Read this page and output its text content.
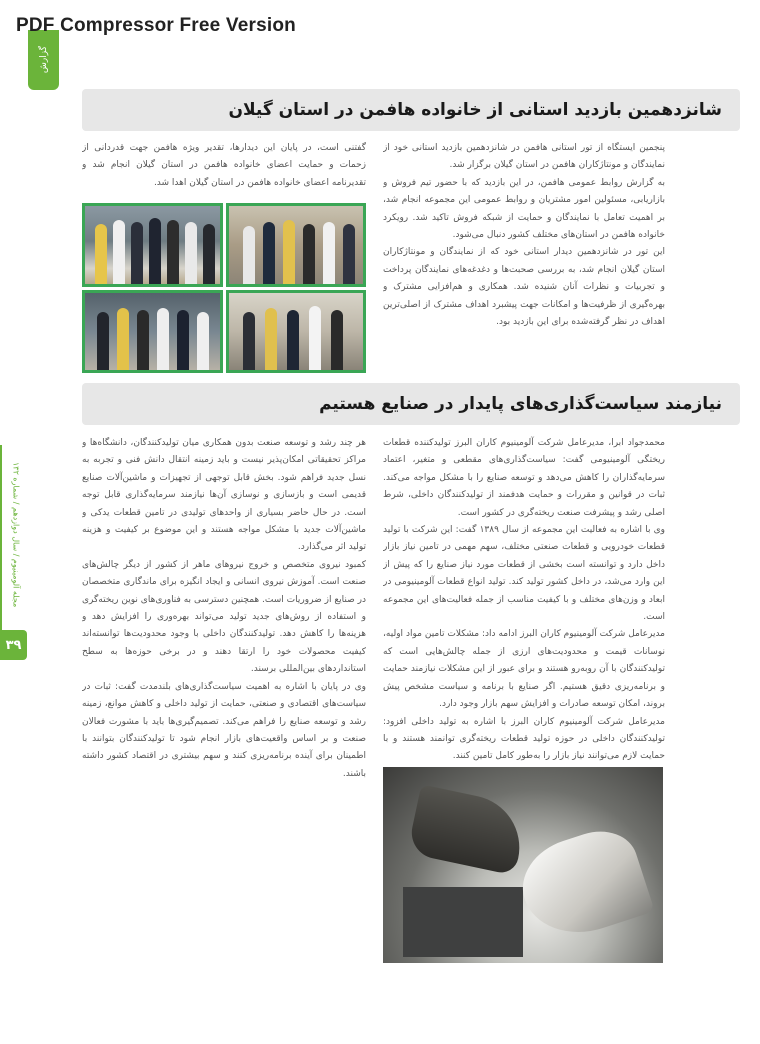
PDF Compressor Free Version
گزارش
مجله آلومینیوم / سال دوازدهم / شماره ۱۳۲
۳۹
شانزدهمین بازدید استانی از خانواده هافمن در استان گیلان

پنجمین ایستگاه از تور استانی هافمن در شانزدهمین بازدید استانی خود از نمایندگان و مونتاژکاران هافمن در استان گیلان برگزار شد.

به گزارش روابط عمومی هافمن، در این بازدید که با حضور تیم فروش و بازاریابی، مسئولین امور مشتریان و روابط عمومی این مجموعه انجام شد، بر اهمیت تعامل با نمایندگان و حمایت از شبکه فروش تاکید شد. رویکرد خانواده هافمن در استان‌های مختلف کشور دنبال می‌شود.

این تور در شانزدهمین دیدار استانی خود که از نمایندگان و مونتاژکاران استان گیلان انجام شد، به بررسی صحبت‌ها و دغدغه‌های نمایندگان پرداخت و تجربیات و نظرات آنان شنیده شد. همکاری و هم‌افزایی مشترک و بهره‌گیری از ظرفیت‌ها و امکانات جهت پیشبرد اهداف مشترک از اصلی‌ترین اهداف در نظر گرفته‌شده برای این بازدید بود.

گفتنی است، در پایان این دیدارها، تقدیر ویژه هافمن جهت قدردانی از زحمات و حمایت اعضای خانواده هافمن در استان گیلان انجام شد و تقدیرنامه اعضای خانواده هافمن در استان گیلان اهدا شد.

نیازمند سیاست‌گذاری‌های پایدار در صنایع هستیم

محمدجواد ابرا، مدیرعامل شرکت آلومینیوم کاران البرز تولیدکننده قطعات ریختگی آلومینیومی گفت: سیاست‌گذاری‌های مقطعی و متغیر، اعتماد سرمایه‌گذاران را کاهش می‌دهد و توسعه صنایع را با مشکل مواجه می‌کند. ثبات در قوانین و مقررات و حمایت هدفمند از تولیدکنندگان داخلی، شرط اصلی رشد و پیشرفت صنعت ریخته‌گری در کشور است.

وی با اشاره به فعالیت این مجموعه از سال ۱۳۸۹ گفت: این شرکت با تولید قطعات خودرویی و قطعات صنعتی مختلف، سهم مهمی در تامین نیاز بازار داخل دارد و توانسته است بخشی از قطعات مورد نیاز صنایع را که پیش از این وارد می‌شد، در داخل کشور تولید کند. تولید انواع قطعات آلومینیومی در ابعاد و وزن‌های مختلف و با کیفیت مناسب از جمله فعالیت‌های این مجموعه است.

مدیرعامل شرکت آلومینیوم کاران البرز ادامه داد: مشکلات تامین مواد اولیه، نوسانات قیمت و محدودیت‌های ارزی از جمله چالش‌هایی است که تولیدکنندگان با آن روبه‌رو هستند و برای عبور از این مشکلات نیازمند حمایت و برنامه‌ریزی دقیق هستیم. اگر صنایع با برنامه و سیاست مشخص پیش بروند، امکان توسعه صادرات و افزایش سهم بازار وجود دارد.

مدیرعامل شرکت آلومینیوم کاران البرز با اشاره به تولید داخلی افزود: تولیدکنندگان داخلی در حوزه تولید قطعات ریخته‌گری توانمند هستند و با حمایت لازم می‌توانند نیاز بازار را به‌طور کامل تامین کنند.

هر چند رشد و توسعه صنعت بدون همکاری میان تولیدکنندگان، دانشگاه‌ها و مراکز تحقیقاتی امکان‌پذیر نیست و باید زمینه انتقال دانش فنی و تجربه به نسل جدید فراهم شود. بخش قابل توجهی از تجهیزات و ماشین‌آلات صنایع قدیمی است و بازسازی و نوسازی آن‌ها نیازمند سرمایه‌گذاری قابل توجه است. در حال حاضر بسیاری از واحدهای تولیدی در تامین قطعات یدکی و ماشین‌آلات جدید با مشکل مواجه هستند و این موضوع بر کیفیت و هزینه تولید اثر می‌گذارد.

کمبود نیروی متخصص و خروج نیروهای ماهر از کشور از دیگر چالش‌های صنعت است. آموزش نیروی انسانی و ایجاد انگیزه برای ماندگاری متخصصان در صنایع از ضروریات است. همچنین دسترسی به فناوری‌های نوین ریخته‌گری و استفاده از روش‌های جدید تولید می‌تواند بهره‌وری را افزایش دهد و هزینه‌ها را کاهش دهد. تولیدکنندگان داخلی با وجود محدودیت‌ها توانسته‌اند کیفیت محصولات خود را ارتقا دهند و در برخی حوزه‌ها به سطح استانداردهای بین‌المللی برسند.

وی در پایان با اشاره به اهمیت سیاست‌گذاری‌های بلندمدت گفت: ثبات در سیاست‌های اقتصادی و صنعتی، حمایت از تولید داخلی و کاهش موانع، زمینه رشد و توسعه صنایع را فراهم می‌کند. تصمیم‌گیری‌ها باید با مشورت فعالان صنعت و بر اساس واقعیت‌های بازار انجام شود تا تولیدکنندگان بتوانند با اطمینان برای آینده برنامه‌ریزی کنند و سهم بیشتری در اقتصاد کشور داشته باشند.
